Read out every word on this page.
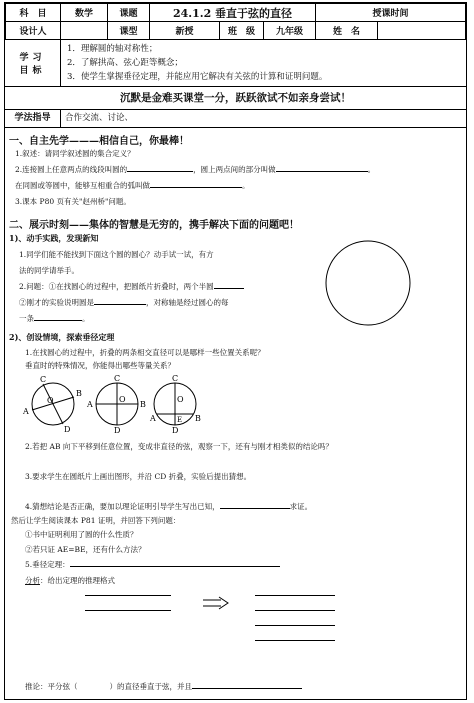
科　目	数学	课题	24.1.2 垂直于弦的直径			授课时间	
设计人		课型	新授	班　级	九年级	姓　名	
学习
目标
1．理解圆的轴对称性；
2．了解拱高、弦心距等概念；
3．使学生掌握垂径定理，并能应用它解决有关弦的计算和证明问题。
沉默是金难买课堂一分，跃跃欲试不如亲身尝试！
学法指导	合作交流、讨论、
一、自主先学———相信自己，你最棒！
1.叙述：请同学叙述圆的集合定义？
2.连接圆上任意两点的线段叫圆的	，圆上两点间的部分叫做	。
在同圆或等圆中，能够互相重合的弧叫做	。
3.课本 P80 页有关"赵州桥"问题。
二、展示时刻——集体的智慧是无穷的，携手解决下面的问题吧！
1)、动手实践，发现新知
1.同学们能不能找到下面这个圆的圆心？动手试一试，有方
法的同学请举手。
2.问题：①在找圆心的过程中，把圆纸片折叠时，两个半圆
②刚才的实验说明圆是	，对称轴是经过圆心的每
一条	。
2)、创设情境，探索垂径定理
1.在找圆心的过程中，折叠的两条相交直径可以是哪样一些位置关系呢？
垂直时的特殊情况，你能得出哪些等量关系？
C
B
O
A
D
C
A
O
B
D
C
O
A	E B
D
2.若把 AB 向下平移到任意位置，变成非直径的弦，观察一下，还有与刚才相类似的结论吗？
3.要求学生在圆纸片上画出图形，并沿 CD 折叠，实验后提出猜想。
4.猜想结论是否正确，要加以理论证明引导学生写出已知，	求证。
然后让学生阅读课本 P81 证明，并回答下列问题：
①书中证明利用了圆的什么性质？
②若只证 AE=BE，还有什么方法？
5.垂径定理：
分析：给出定理的推理格式
推论：平分弦（	）的直径垂直于弦，并且
